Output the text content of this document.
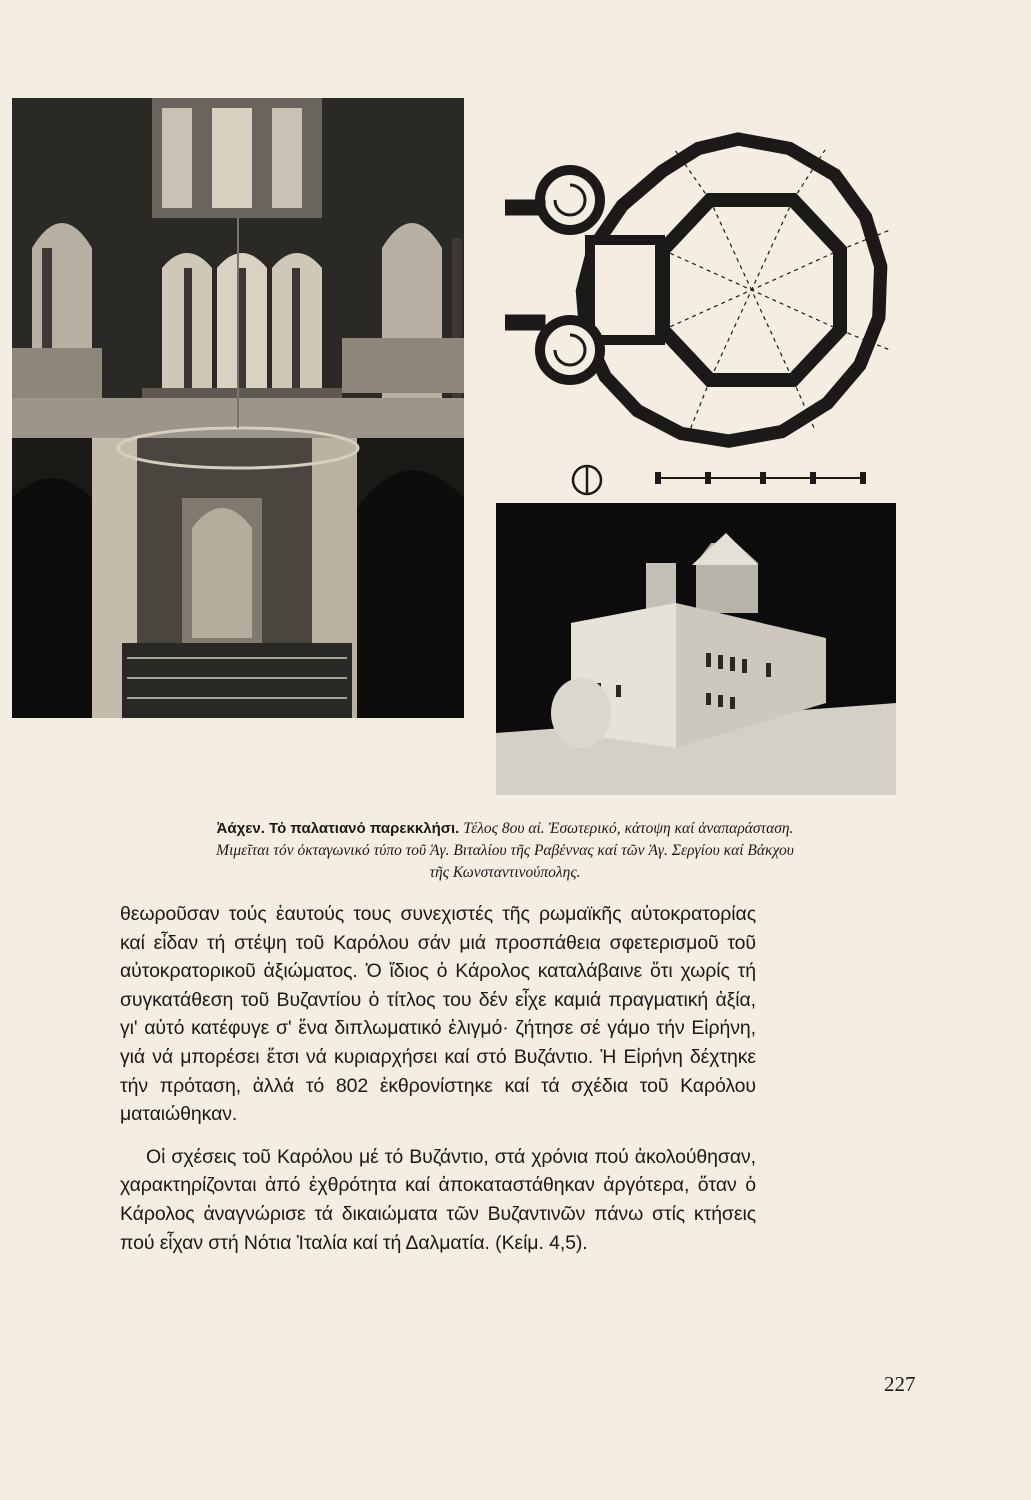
Ἀάχεν. Τό παλατιανό παρεκκλήσι. Τέλος 8ου αἰ. Ἐσωτερικό, κάτοψη καί ἀναπαράσταση.
Μιμεῖται τόν ὀκταγωνικό τύπο τοῦ Ἁγ. Βιταλίου τῆς Ραβέννας καί τῶν Ἁγ. Σεργίου καί Βάκχου
τῆς Κωνσταντινούπολης.

θεωροῦσαν τούς ἑαυτούς τους συνεχιστές τῆς ρωμαϊκῆς αὐτοκρατορίας καί εἶδαν τή στέψη τοῦ Καρόλου σάν μιά προσπάθεια σφετερισμοῦ τοῦ αὐτοκρατορικοῦ ἀξιώματος. Ὁ ἴδιος ὁ Κάρολος καταλάβαινε ὅτι χωρίς τή συγκατάθεση τοῦ Βυζαντίου ὁ τίτλος του δέν εἶχε καμιά πραγματική ἀξία, γι' αὐτό κατέφυγε σ' ἕνα διπλωματικό ἑλιγμό· ζήτησε σέ γάμο τήν Εἰρήνη, γιά νά μπορέσει ἔτσι νά κυριαρχήσει καί στό Βυζάντιο. Ἡ Εἰρήνη δέχτηκε τήν πρόταση, ἀλλά τό 802 ἐκθρονίστηκε καί τά σχέδια τοῦ Καρόλου ματαιώθηκαν.

Οἱ σχέσεις τοῦ Καρόλου μέ τό Βυζάντιο, στά χρόνια πού ἀκολούθησαν, χαρακτηρίζονται ἀπό ἐχθρότητα καί ἀποκαταστάθηκαν ἀργότερα, ὅταν ὁ Κάρολος ἀναγνώρισε τά δικαιώματα τῶν Βυζαντινῶν πάνω στίς κτήσεις πού εἶχαν στή Νότια Ἰταλία καί τή Δαλματία. (Κείμ. 4,5).

227
